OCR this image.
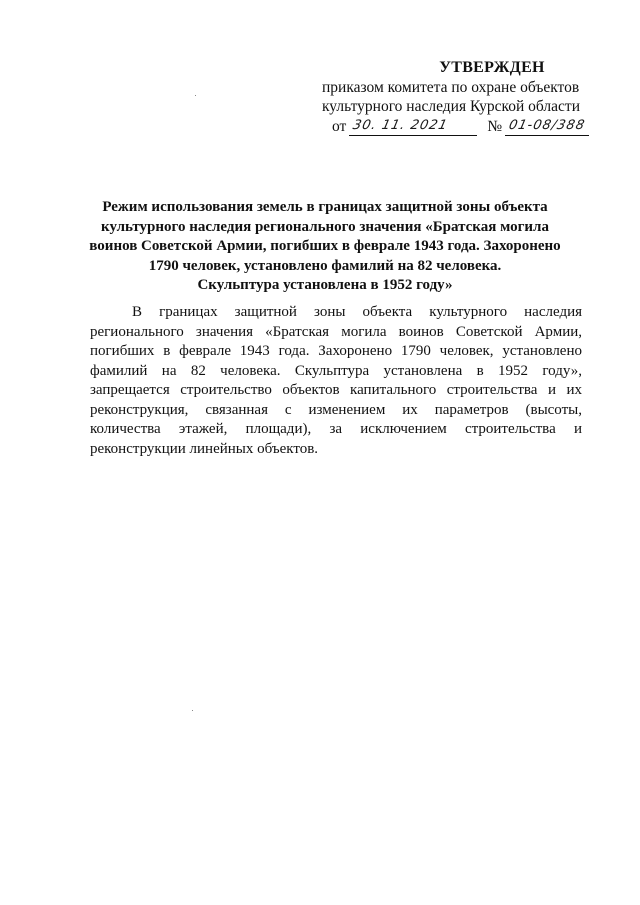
УТВЕРЖДЕН
приказом комитета по охране объектов
культурного наследия Курской области
от 30. 11. 2021 № 01-08/388
Режим использования земель в границах защитной зоны объекта
культурного наследия регионального значения «Братская могила
воинов Советской Армии, погибших в феврале 1943 года. Захоронено
1790 человек, установлено фамилий на 82 человека.
Скульптура установлена в 1952 году»
В границах защитной зоны объекта культурного наследия
регионального значения «Братская могила воинов Советской Армии,
погибших в феврале 1943 года. Захоронено 1790 человек, установлено
фамилий на 82 человека. Скульптура установлена в 1952 году»,
запрещается строительство объектов капитального строительства и их
реконструкция, связанная с изменением их параметров (высоты,
количества этажей, площади), за исключением строительства и
реконструкции линейных объектов.
